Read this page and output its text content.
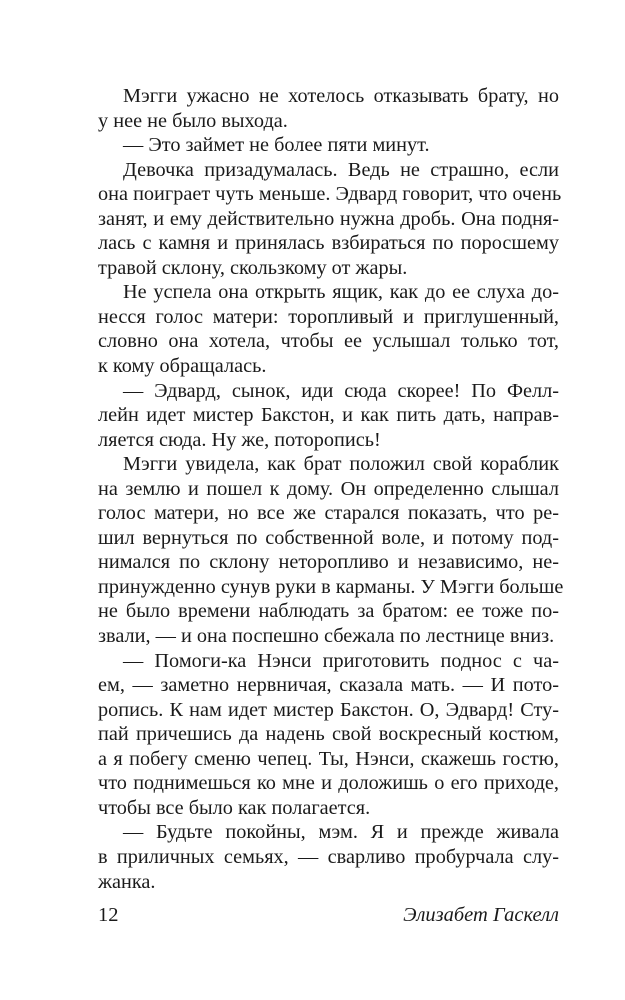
Мэгги ужасно не хотелось отказывать брату, но
у нее не было выхода.
— Это займет не более пяти минут.
Девочка призадумалась. Ведь не страшно, если
она поиграет чуть меньше. Эдвард говорит, что очень
занят, и ему действительно нужна дробь. Она подня-
лась с камня и принялась взбираться по поросшему
травой склону, скользкому от жары.
Не успела она открыть ящик, как до ее слуха до-
несся голос матери: торопливый и приглушенный,
словно она хотела, чтобы ее услышал только тот,
к кому обращалась.
— Эдвард, сынок, иди сюда скорее! По Фелл-
лейн идет мистер Бакстон, и как пить дать, направ-
ляется сюда. Ну же, поторопись!
Мэгги увидела, как брат положил свой кораблик
на землю и пошел к дому. Он определенно слышал
голос матери, но все же старался показать, что ре-
шил вернуться по собственной воле, и потому под-
нимался по склону неторопливо и независимо, не-
принужденно сунув руки в карманы. У Мэгги больше
не было времени наблюдать за братом: ее тоже по-
звали, — и она поспешно сбежала по лестнице вниз.
— Помоги-ка Нэнси приготовить поднос с ча-
ем, — заметно нервничая, сказала мать. — И пото-
ропись. К нам идет мистер Бакстон. О, Эдвард! Сту-
пай причешись да надень свой воскресный костюм,
а я побегу сменю чепец. Ты, Нэнси, скажешь гостю,
что поднимешься ко мне и доложишь о его приходе,
чтобы все было как полагается.
— Будьте покойны, мэм. Я и прежде живала
в приличных семьях, — сварливо пробурчала слу-
жанка.
12	Элизабет Гаскелл
